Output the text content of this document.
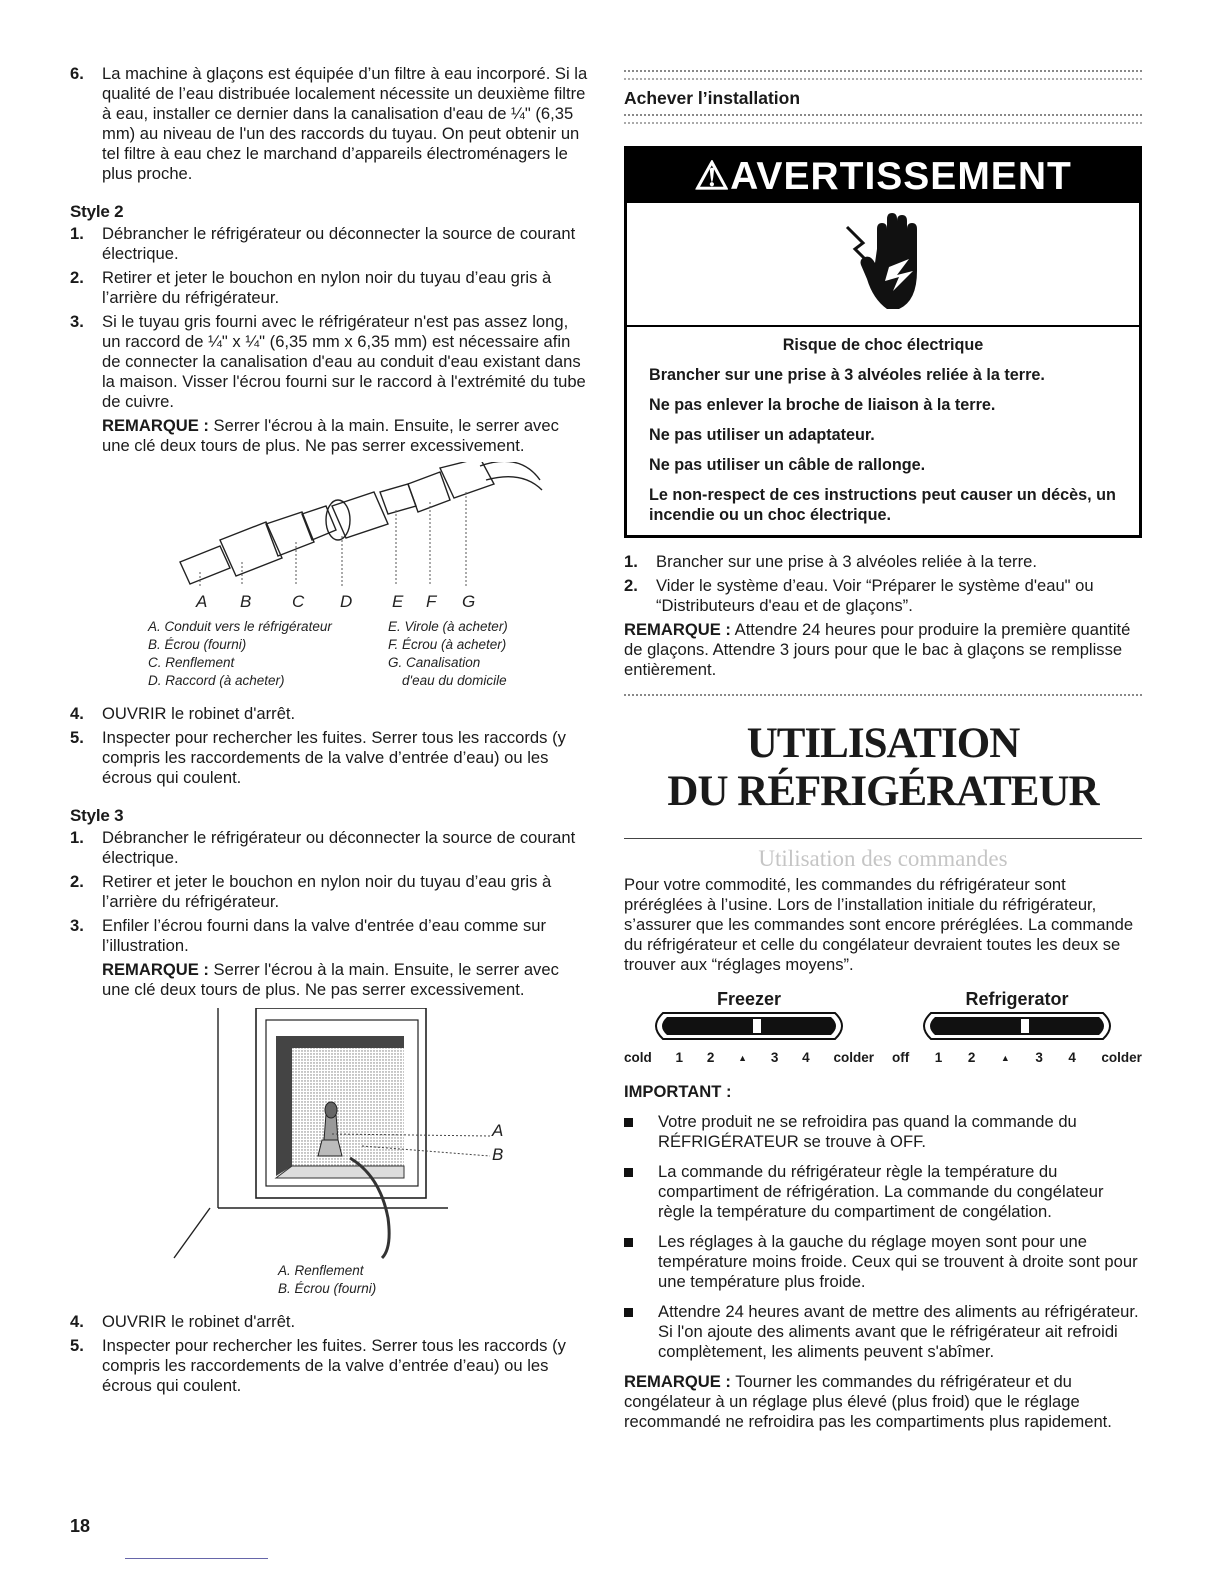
6.	La machine à glaçons est équipée d’un filtre à eau incorporé. Si la qualité de l’eau distribuée localement nécessite un deuxième filtre à eau, installer ce dernier dans la canalisation d'eau de ¼" (6,35 mm) au niveau de l'un des raccords du tuyau. On peut obtenir un tel filtre à eau chez le marchand d’appareils électroménagers le plus proche.
Style 2
1.	Débrancher le réfrigérateur ou déconnecter la source de courant électrique.
2.	Retirer et jeter le bouchon en nylon noir du tuyau d’eau gris à l’arrière du réfrigérateur.
3.	Si le tuyau gris fourni avec le réfrigérateur n'est pas assez long, un raccord de ¼" x ¼" (6,35 mm x 6,35 mm) est nécessaire afin de connecter la canalisation d'eau au conduit d'eau existant dans la maison. Visser l'écrou fourni sur le raccord à l'extrémité du tube de cuivre.
REMARQUE : Serrer l'écrou à la main. Ensuite, le serrer avec une clé deux tours de plus. Ne pas serrer excessivement.
A	B	C	D	E	F	G
A. Conduit vers le réfrigérateur	E. Virole (à acheter)
B. Écrou (fourni)	F. Écrou (à acheter)
C. Renflement	G. Canalisation
D. Raccord (à acheter)	d'eau du domicile
4.	OUVRIR le robinet d'arrêt.
5.	Inspecter pour rechercher les fuites. Serrer tous les raccords (y compris les raccordements de la valve d’entrée d’eau) ou les écrous qui coulent.
Style 3
1.	Débrancher le réfrigérateur ou déconnecter la source de courant électrique.
2.	Retirer et jeter le bouchon en nylon noir du tuyau d’eau gris à l’arrière du réfrigérateur.
3.	Enfiler l’écrou fourni dans la valve d'entrée d’eau comme sur l’illustration.
REMARQUE : Serrer l'écrou à la main. Ensuite, le serrer avec une clé deux tours de plus. Ne pas serrer excessivement.
A
B
A. Renflement
B. Écrou (fourni)
4.	OUVRIR le robinet d'arrêt.
5.	Inspecter pour rechercher les fuites. Serrer tous les raccords (y compris les raccordements de la valve d’entrée d’eau) ou les écrous qui coulent.
Achever l’installation
⚠AVERTISSEMENT

Risque de choc électrique

Brancher sur une prise à 3 alvéoles reliée à la terre.

Ne pas enlever la broche de liaison à la terre.

Ne pas utiliser un adaptateur.

Ne pas utiliser un câble de rallonge.

Le non-respect de ces instructions peut causer un décès, un incendie ou un choc électrique.

1.	Brancher sur une prise à 3 alvéoles reliée à la terre.
2.	Vider le système d’eau. Voir “Préparer le système d'eau" ou “Distributeurs d'eau et de glaçons”.
REMARQUE : Attendre 24 heures pour produire la première quantité de glaçons. Attendre 3 jours pour que le bac à glaçons se remplisse entièrement.
UTILISATION
DU RÉFRIGÉRATEUR
Utilisation des commandes
Pour votre commodité, les commandes du réfrigérateur sont préréglées à l’usine. Lors de l’installation initiale du réfrigérateur, s’assurer que les commandes sont encore préréglées. La commande du réfrigérateur et celle du congélateur devraient toutes les deux se trouver aux “réglages moyens”.
Freezer
cold 1 2	▲ 3 4 colder
Refrigerator
off 1 2	▲ 3 4 colder
IMPORTANT :
Votre produit ne se refroidira pas quand la commande du RÉFRIGÉRATEUR se trouve à OFF.
La commande du réfrigérateur règle la température du compartiment de réfrigération. La commande du congélateur règle la température du compartiment de congélation.
Les réglages à la gauche du réglage moyen sont pour une température moins froide. Ceux qui se trouvent à droite sont pour une température plus froide.
Attendre 24 heures avant de mettre des aliments au réfrigérateur. Si l'on ajoute des aliments avant que le réfrigérateur ait refroidi complètement, les aliments peuvent s'abîmer.
REMARQUE : Tourner les commandes du réfrigérateur et du congélateur à un réglage plus élevé (plus froid) que le réglage recommandé ne refroidira pas les compartiments plus rapidement.
18
